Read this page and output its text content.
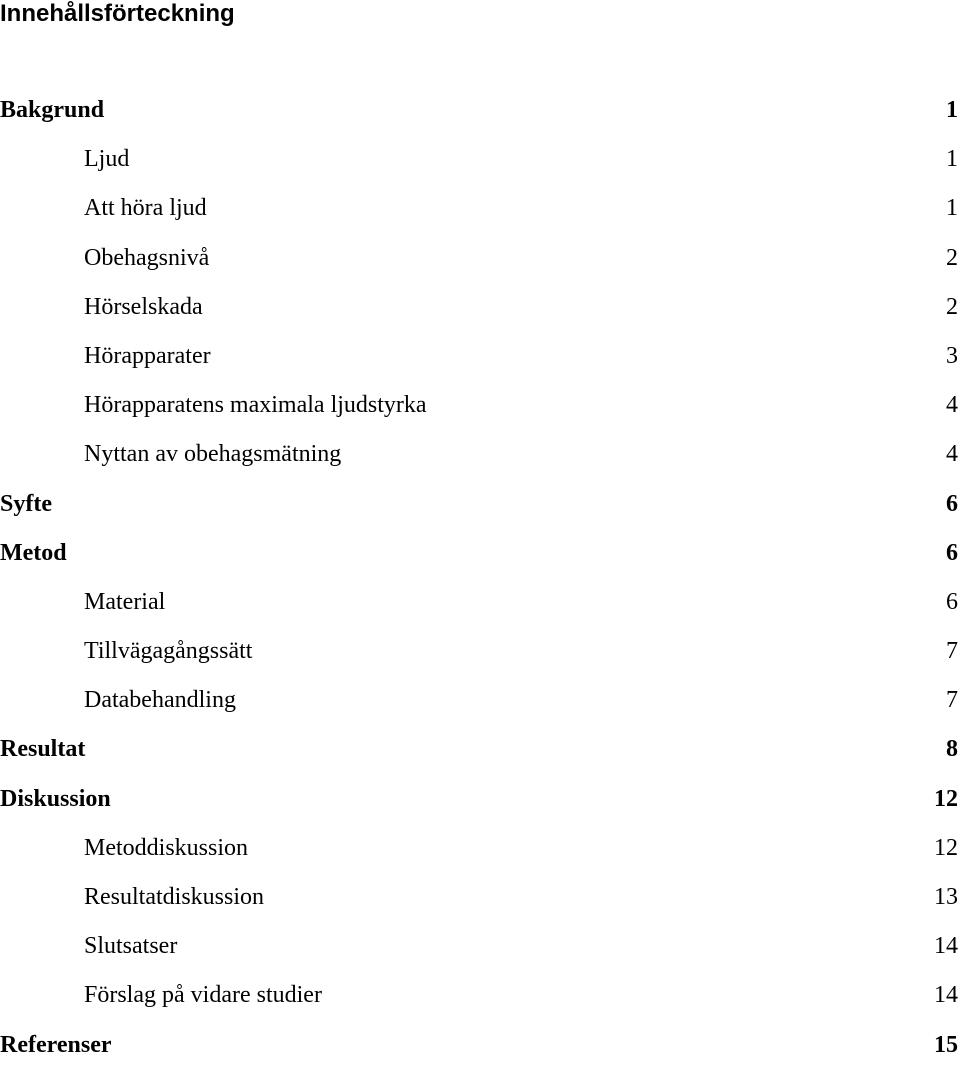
Innehållsförteckning
Bakgrund	1
Ljud	1
Att höra ljud	1
Obehagsnivå	2
Hörselskada	2
Hörapparater	3
Hörapparatens maximala ljudstyrka	4
Nyttan av obehagsmätning	4
Syfte	6
Metod	6
Material	6
Tillvägagångssätt	7
Databehandling	7
Resultat	8
Diskussion	12
Metoddiskussion	12
Resultatdiskussion	13
Slutsatser	14
Förslag på vidare studier	14
Referenser	15
